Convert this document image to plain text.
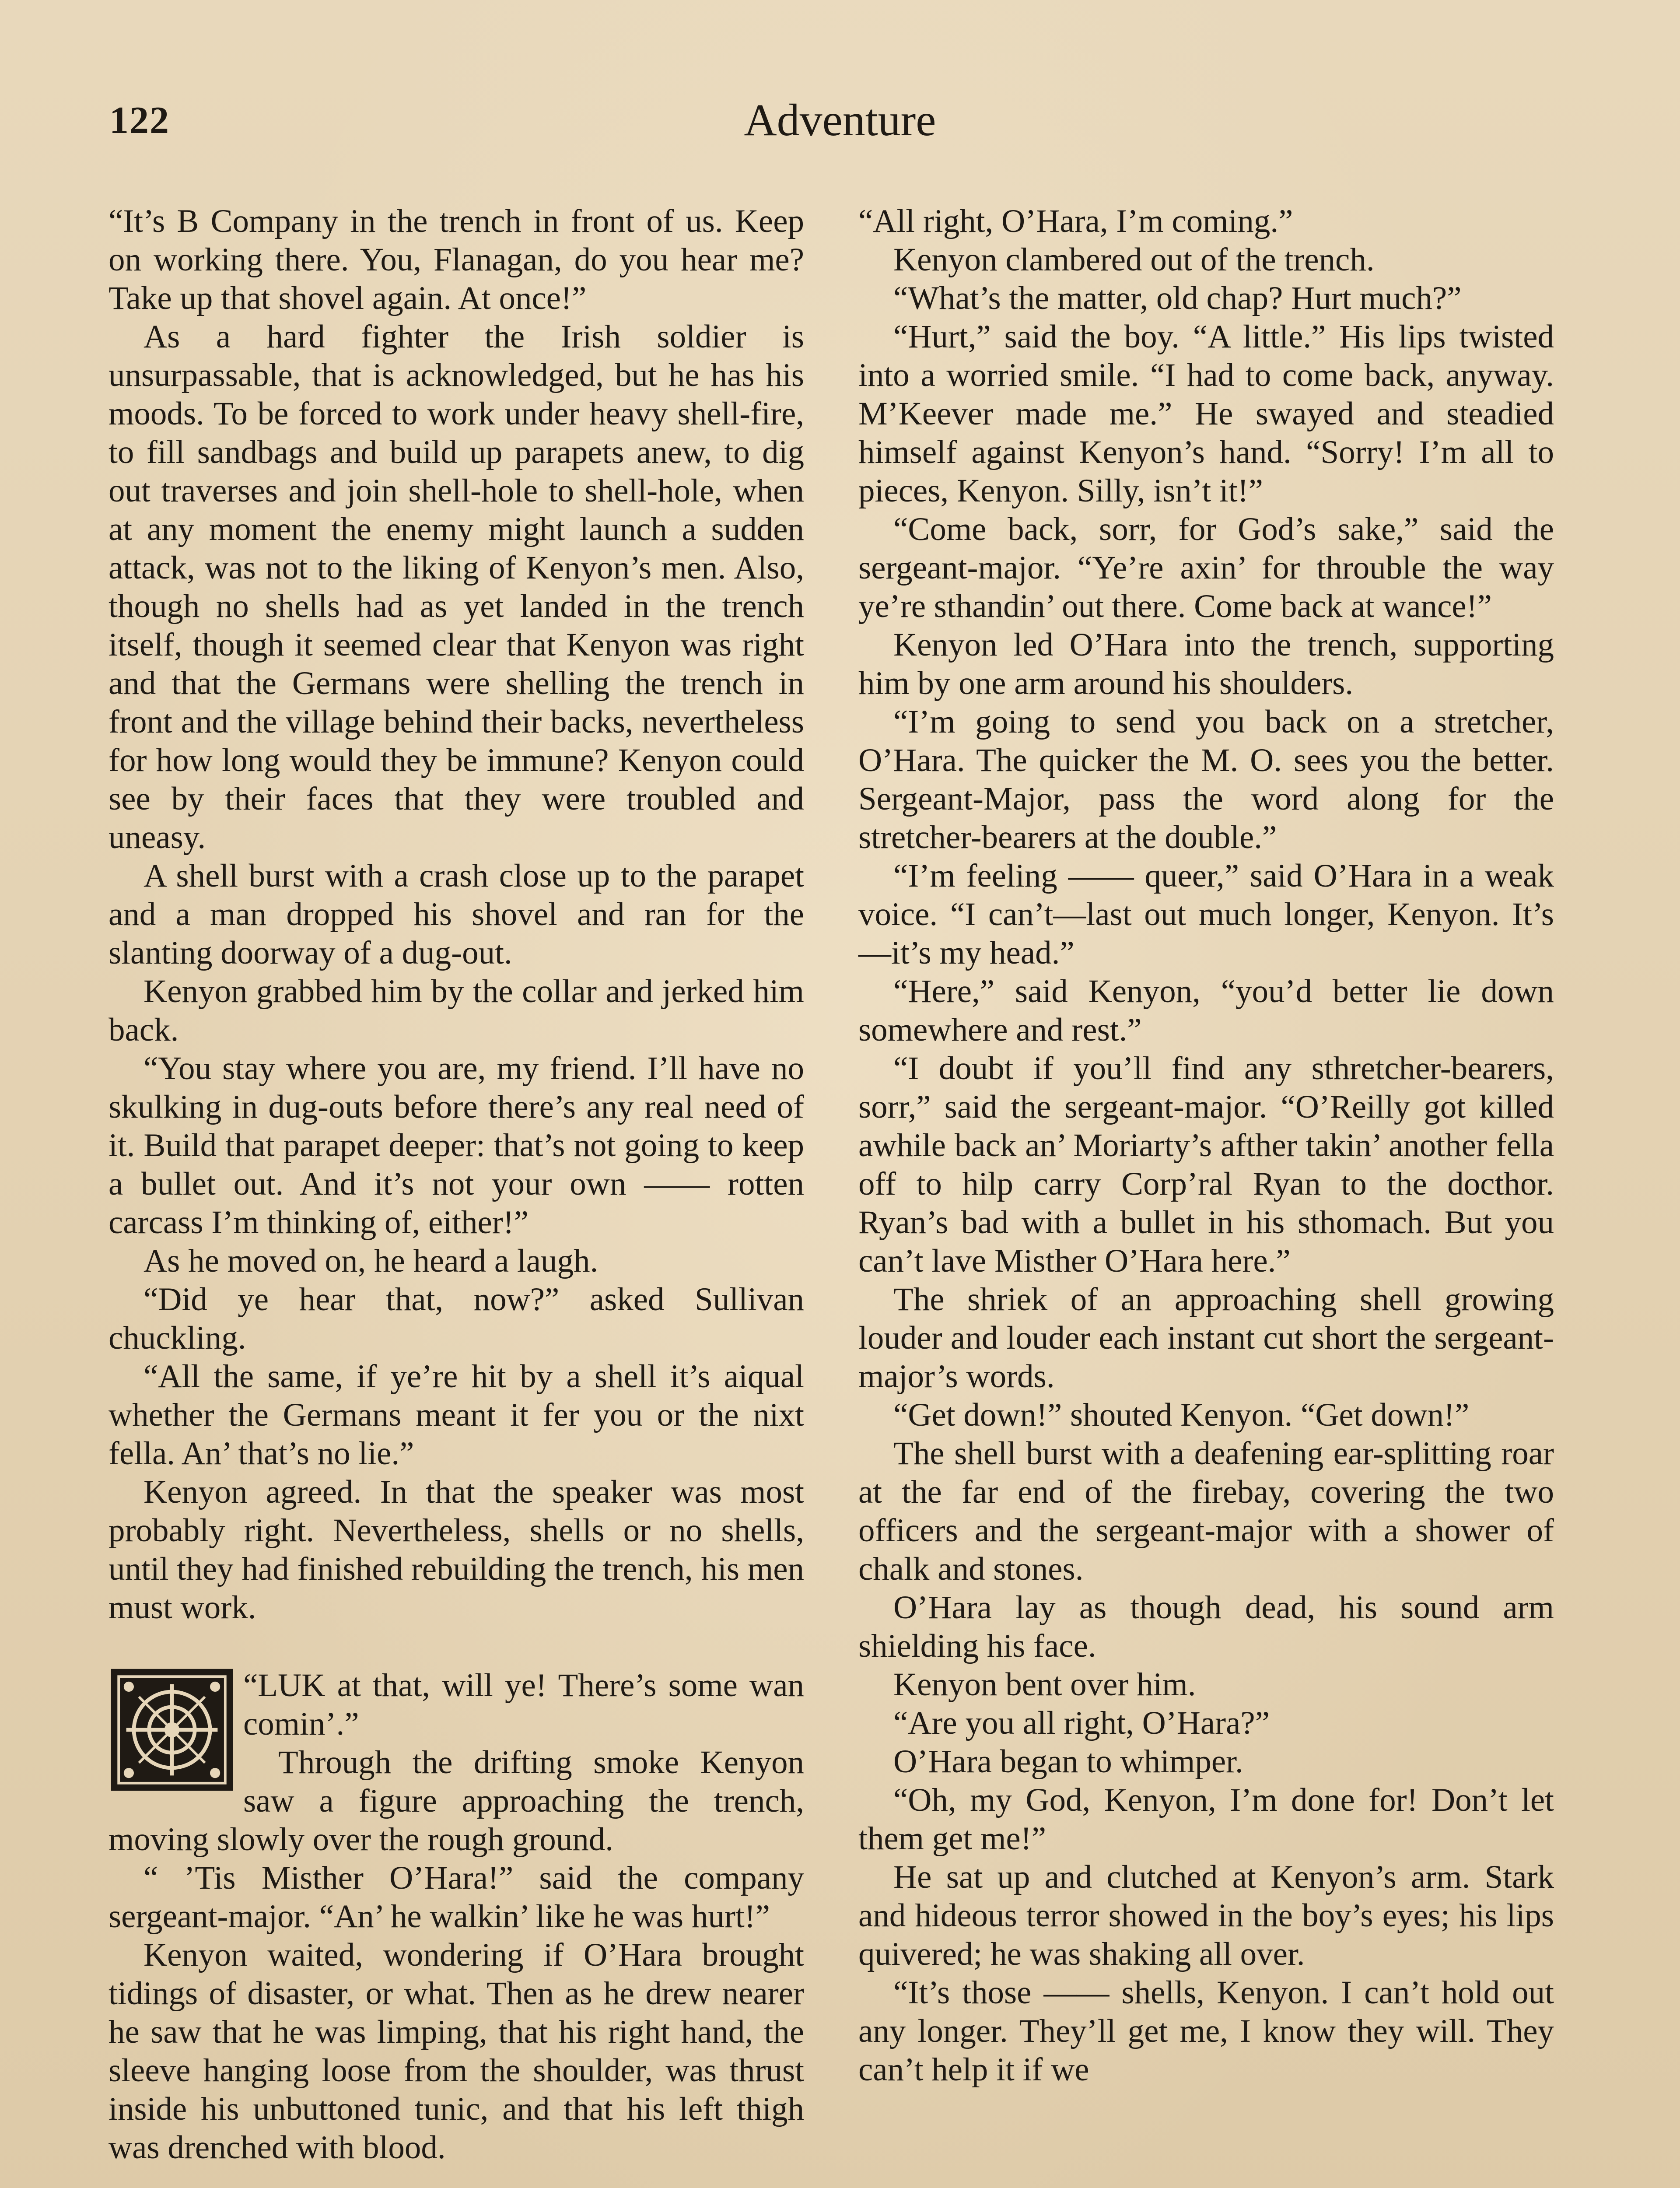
122	Adventure

“It’s B Company in the trench in front of us. Keep on working there. You, Flanagan, do you hear me? Take up that shovel again. At once!”

As a hard fighter the Irish soldier is unsurpassable, that is acknowledged, but he has his moods. To be forced to work under heavy shell-fire, to fill sandbags and build up parapets anew, to dig out traverses and join shell-hole to shell-hole, when at any moment the enemy might launch a sudden attack, was not to the liking of Kenyon’s men. Also, though no shells had as yet landed in the trench itself, though it seemed clear that Kenyon was right and that the Germans were shelling the trench in front and the village behind their backs, nevertheless for how long would they be immune? Kenyon could see by their faces that they were troubled and uneasy.

A shell burst with a crash close up to the parapet and a man dropped his shovel and ran for the slanting doorway of a dug-out.

Kenyon grabbed him by the collar and jerked him back.

“You stay where you are, my friend. I’ll have no skulking in dug-outs before there’s any real need of it. Build that parapet deeper: that’s not going to keep a bullet out. And it’s not your own —— rotten carcass I’m thinking of, either!”

As he moved on, he heard a laugh.

“Did ye hear that, now?” asked Sullivan chuckling.

“All the same, if ye’re hit by a shell it’s aiqual whether the Germans meant it fer you or the nixt fella. An’ that’s no lie.”

Kenyon agreed. In that the speaker was most probably right. Nevertheless, shells or no shells, until they had finished rebuilding the trench, his men must work.

“LUK at that, will ye! There’s some wan comin’.”

Through the drifting smoke Kenyon saw a figure approaching the trench, moving slowly over the rough ground.

“ ’Tis Misther O’Hara!” said the company sergeant-major. “An’ he walkin’ like he was hurt!”

Kenyon waited, wondering if O’Hara brought tidings of disaster, or what. Then as he drew nearer he saw that he was limping, that his right hand, the sleeve hanging loose from the shoulder, was thrust inside his unbuttoned tunic, and that his left thigh was drenched with blood.

“All right, O’Hara, I’m coming.”

Kenyon clambered out of the trench.

“What’s the matter, old chap? Hurt much?”

“Hurt,” said the boy. “A little.” His lips twisted into a worried smile. “I had to come back, anyway. M’Keever made me.” He swayed and steadied himself against Kenyon’s hand. “Sorry! I’m all to pieces, Kenyon. Silly, isn’t it!”

“Come back, sorr, for God’s sake,” said the sergeant-major. “Ye’re axin’ for throuble the way ye’re sthandin’ out there. Come back at wance!”

Kenyon led O’Hara into the trench, supporting him by one arm around his shoulders.

“I’m going to send you back on a stretcher, O’Hara. The quicker the M. O. sees you the better. Sergeant-Major, pass the word along for the stretcher-bearers at the double.”

“I’m feeling —— queer,” said O’Hara in a weak voice. “I can’t—last out much longer, Kenyon. It’s—it’s my head.”

“Here,” said Kenyon, “you’d better lie down somewhere and rest.”

“I doubt if you’ll find any sthretcher-bearers, sorr,” said the sergeant-major. “O’Reilly got killed awhile back an’ Moriarty’s afther takin’ another fella off to hilp carry Corp’ral Ryan to the docthor. Ryan’s bad with a bullet in his sthomach. But you can’t lave Misther O’Hara here.”

The shriek of an approaching shell growing louder and louder each instant cut short the sergeant-major’s words.

“Get down!” shouted Kenyon. “Get down!”

The shell burst with a deafening ear-splitting roar at the far end of the firebay, covering the two officers and the sergeant-major with a shower of chalk and stones.

O’Hara lay as though dead, his sound arm shielding his face.

Kenyon bent over him.

“Are you all right, O’Hara?”

O’Hara began to whimper.

“Oh, my God, Kenyon, I’m done for! Don’t let them get me!”

He sat up and clutched at Kenyon’s arm. Stark and hideous terror showed in the boy’s eyes; his lips quivered; he was shaking all over.

“It’s those —— shells, Kenyon. I can’t hold out any longer. They’ll get me, I know they will. They can’t help it if we
